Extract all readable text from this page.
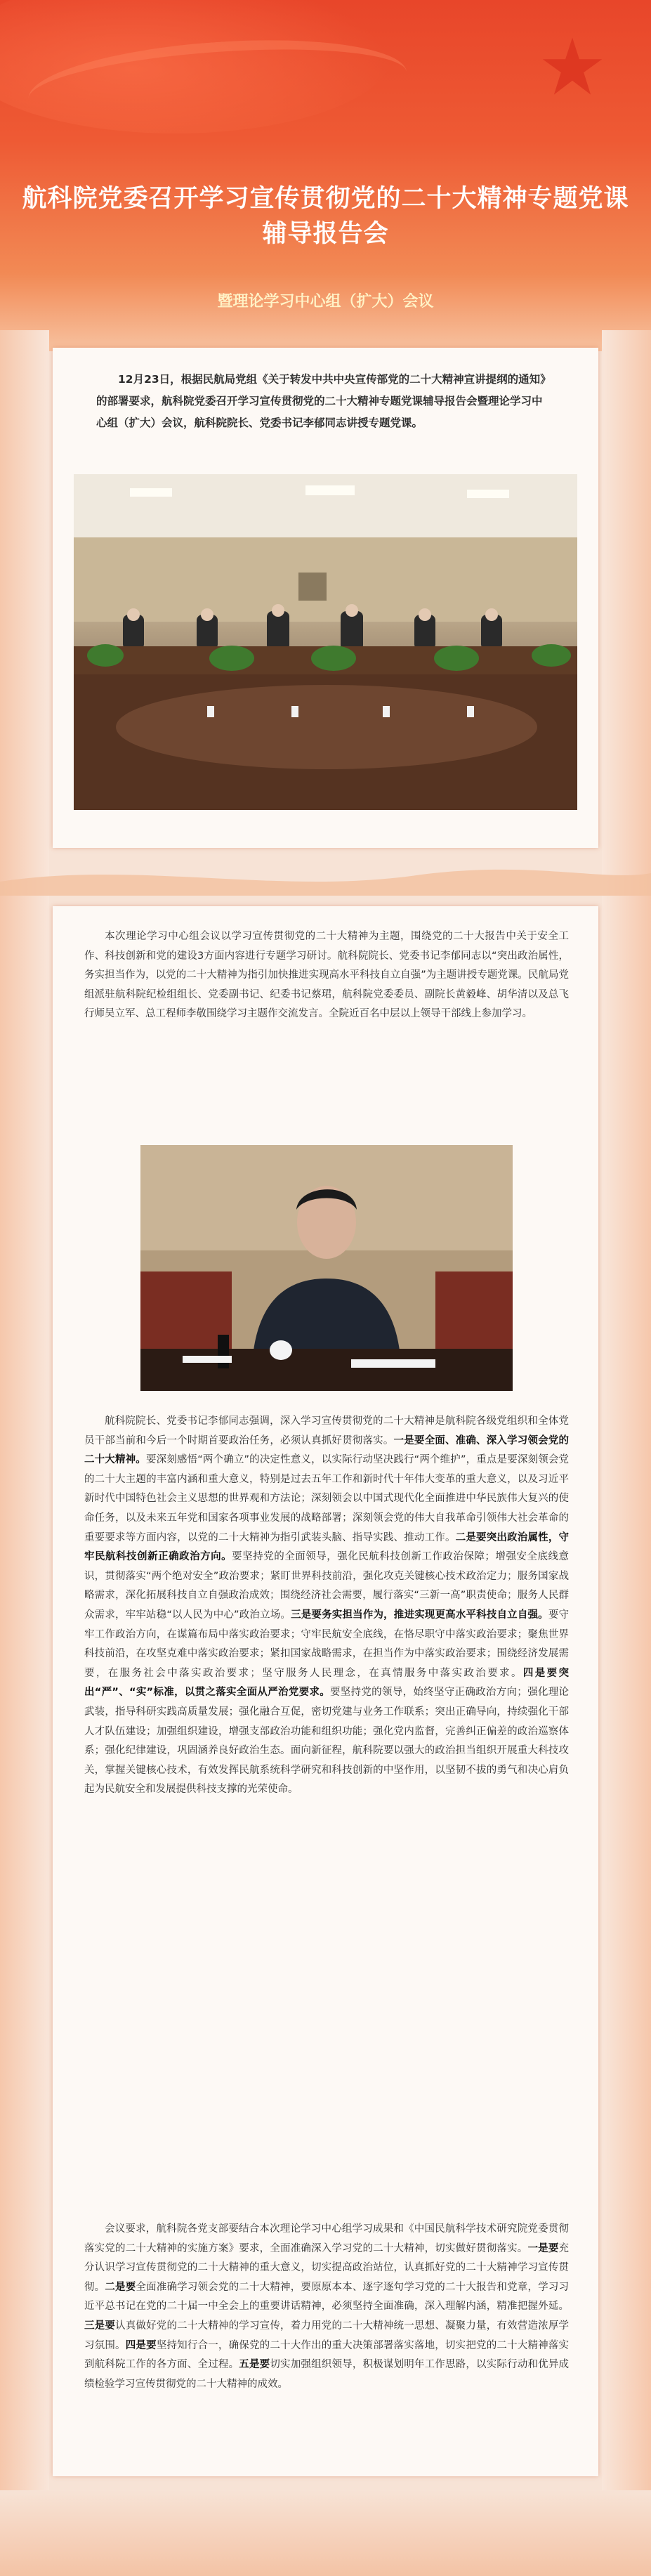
航科院党委召开学习宣传贯彻党的二十大精神专题党课辅导报告会
暨理论学习中心组（扩大）会议
12月23日，根据民航局党组《关于转发中共中央宣传部党的二十大精神宣讲提纲的通知》的部署要求，航科院党委召开学习宣传贯彻党的二十大精神专题党课辅导报告会暨理论学习中心组（扩大）会议，航科院院长、党委书记李郁同志讲授专题党课。
本次理论学习中心组会议以学习宣传贯彻党的二十大精神为主题，围绕党的二十大报告中关于安全工作、科技创新和党的建设3方面内容进行专题学习研讨。航科院院长、党委书记李郁同志以“突出政治属性，务实担当作为，以党的二十大精神为指引加快推进实现高水平科技自立自强”为主题讲授专题党课。民航局党组派驻航科院纪检组组长、党委副书记、纪委书记蔡珺，航科院党委委员、副院长黄毅峰、胡华清以及总飞行师吴立军、总工程师李敬围绕学习主题作交流发言。全院近百名中层以上领导干部线上参加学习。
航科院院长、党委书记李郁同志强调，深入学习宣传贯彻党的二十大精神是航科院各级党组织和全体党员干部当前和今后一个时期首要政治任务，必须认真抓好贯彻落实。一是要全面、准确、深入学习领会党的二十大精神。要深刻感悟“两个确立”的决定性意义，以实际行动坚决践行“两个维护”，重点是要深刻领会党的二十大主题的丰富内涵和重大意义，特别是过去五年工作和新时代十年伟大变革的重大意义，以及习近平新时代中国特色社会主义思想的世界观和方法论；深刻领会以中国式现代化全面推进中华民族伟大复兴的使命任务，以及未来五年党和国家各项事业发展的战略部署；深刻领会党的伟大自我革命引领伟大社会革命的重要要求等方面内容，以党的二十大精神为指引武装头脑、指导实践、推动工作。二是要突出政治属性，守牢民航科技创新正确政治方向。要坚持党的全面领导，强化民航科技创新工作政治保障；增强安全底线意识，贯彻落实“两个绝对安全”政治要求；紧盯世界科技前沿，强化攻克关键核心技术政治定力；服务国家战略需求，深化拓展科技自立自强政治成效；围绕经济社会需要，履行落实“三新一高”职责使命；服务人民群众需求，牢牢站稳“以人民为中心”政治立场。三是要务实担当作为，推进实现更高水平科技自立自强。要守牢工作政治方向，在谋篇布局中落实政治要求；守牢民航安全底线，在恪尽职守中落实政治要求；聚焦世界科技前沿，在攻坚克难中落实政治要求；紧扣国家战略需求，在担当作为中落实政治要求；围绕经济发展需要，在服务社会中落实政治要求；坚守服务人民理念，在真情服务中落实政治要求。四是要突出“严”、“实”标准，以贯之落实全面从严治党要求。要坚持党的领导，始终坚守正确政治方向；强化理论武装，指导科研实践高质量发展；强化融合互促，密切党建与业务工作联系；突出正确导向，持续强化干部人才队伍建设；加强组织建设，增强支部政治功能和组织功能；强化党内监督，完善纠正偏差的政治巡察体系；强化纪律建设，巩固涵养良好政治生态。面向新征程，航科院要以强大的政治担当组织开展重大科技攻关，掌握关键核心技术，有效发挥民航系统科学研究和科技创新的中坚作用，以坚韧不拔的勇气和决心肩负起为民航安全和发展提供科技支撑的光荣使命。
会议要求，航科院各党支部要结合本次理论学习中心组学习成果和《中国民航科学技术研究院党委贯彻落实党的二十大精神的实施方案》要求，全面准确深入学习党的二十大精神，切实做好贯彻落实。一是要充分认识学习宣传贯彻党的二十大精神的重大意义，切实提高政治站位，认真抓好党的二十大精神学习宣传贯彻。二是要全面准确学习领会党的二十大精神，要原原本本、逐字逐句学习党的二十大报告和党章，学习习近平总书记在党的二十届一中全会上的重要讲话精神，必须坚持全面准确，深入理解内涵，精准把握外延。三是要认真做好党的二十大精神的学习宣传，着力用党的二十大精神统一思想、凝聚力量，有效营造浓厚学习氛围。四是要坚持知行合一，确保党的二十大作出的重大决策部署落实落地，切实把党的二十大精神落实到航科院工作的各方面、全过程。五是要切实加强组织领导，积极谋划明年工作思路，以实际行动和优异成绩检验学习宣传贯彻党的二十大精神的成效。
